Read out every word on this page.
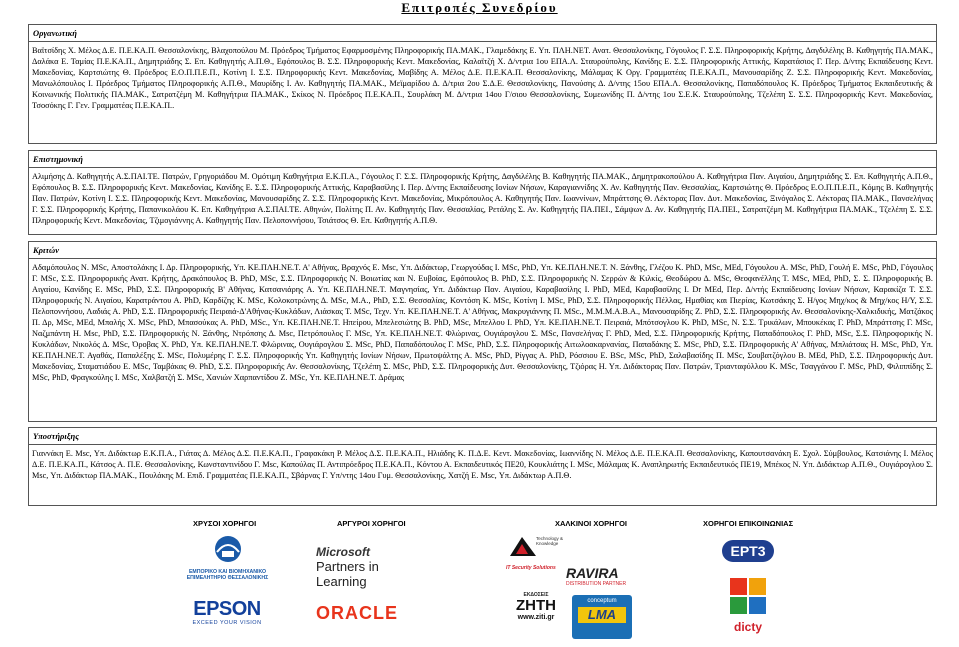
Επιτροπές Συνεδρίου
Οργανωτική
Βαϊτσίδης Χ. Μέλος Δ.Ε. Π.Ε.ΚΑ.Π. Θεσσαλονίκης, Βλαχοπούλου Μ. Πρόεδρος Τμήματος Εφαρμοσμένης Πληροφορικής ΠΑ.ΜΑΚ., Γλαμεδάκης Ε. Υπ. ΠΛΗ.ΝΕΤ. Ανατ. Θεσσαλονίκης, Γόγουλος Γ. Σ.Σ. Πληροφορικής Κρήτης, Δαγδιλέλης Β. Καθηγητής ΠΑ.ΜΑΚ., Δαλάκα Ε. Ταμίας Π.Ε.ΚΑ.Π., Δημητριάδης Σ. Επ. Καθηγητής Α.Π.Θ., Εφόπουλος Β. Σ.Σ. Πληροφορικής Κεντ. Μακεδονίας, Καλαϊτζή Χ. Δ/ντρια 1ου ΕΠΑ.Λ. Σταυρούπολης, Κανίδης Ε. Σ.Σ. Πληροφορικής Αττικής, Καρατάσιος Γ. Περ. Δ/ντης Εκπαίδευσης Κεντ. Μακεδονίας, Καρτσιώτης Θ. Πρόεδρος Ε.Ο.Π.Π.Ε.Π., Κοτίνη Ι. Σ.Σ. Πληροφορικής Κεντ. Μακεδονίας, Μαβίδης Α. Μέλος Δ.Ε. Π.Ε.ΚΑ.Π. Θεσσαλονίκης, Μάλαμας Κ Οργ. Γραμματέας Π.Ε.ΚΑ.Π., Μανουσαρίδης Ζ. Σ.Σ. Πληροφορικής Κεντ. Μακεδονίας, Μανωλόπουλος Ι. Πρόεδρος Τμήματος Πληροφορικής Α.Π.Θ., Μαυρίδης Ι. Αν. Καθηγητής ΠΑ.ΜΑΚ., Μεϊμαρίδου Δ. Δ/τρια 2ου Σ.Δ.Ε. Θεσσαλονίκης, Πανούσης Δ. Δ/ντης 15ου ΕΠΑ.Λ. Θεσσαλονίκης, Παπαδόπουλος Κ. Πρόεδρος Τμήματος Εκπαιδευτικής & Κοινωνικής Πολιτικής ΠΑ.ΜΑΚ., Σατρατζέμη Μ. Καθηγήτρια ΠΑ.ΜΑΚ., Σκίκος Ν. Πρόεδρος Π.Ε.ΚΑ.Π., Σουρλάκη Μ. Δ/ντρια 14ου Γ/σιου Θεσσαλονίκης, Συμεωνίδης Π. Δ/ντης 1ου Σ.Ε.Κ. Σταυρούπολης, Τζελέπη Σ. Σ.Σ. Πληροφορικής Κεντ. Μακεδονίας, Τσοσόκης Γ. Γεν. Γραμματέας Π.Ε.ΚΑ.Π..
Επιστημονική
Αλιμήσης Δ. Καθηγητής Α.Σ.ΠΑΙ.ΤΕ. Πατρών, Γρηγοριάδου Μ. Ομότιμη Καθηγήτρια Ε.Κ.Π.Α., Γόγουλος Γ. Σ.Σ. Πληροφορικής Κρήτης, Δαγδιλέλης Β. Καθηγητής ΠΑ.ΜΑΚ., Δημητρακοπούλου Α. Καθηγήτρια Παν. Αιγαίου, Δημητριάδης Σ. Επ. Καθηγητής Α.Π.Θ., Εφόπουλος Β. Σ.Σ. Πληροφορικής Κεντ. Μακεδονίας, Κανίδης Ε. Σ.Σ. Πληροφορικής Αττικής, Καραβασίλης Ι. Περ. Δ/ντης Εκπαίδευσης Ιονίων Νήσων, Καραγιαννίδης Χ. Αν. Καθηγητής Παν. Θεσσαλίας, Καρτσιώτης Θ. Πρόεδρος Ε.Ο.Π.Π.Ε.Π., Κόμης Β. Καθηγητής Παν. Πατρών, Κοτίνη Ι. Σ.Σ. Πληροφορικής Κεντ. Μακεδονίας, Μανουσαρίδης Ζ. Σ.Σ. Πληροφορικής Κεντ. Μακεδονίας, Μικρόπουλος Α. Καθηγητής Παν. Ιωαννίνων, Μπράττσης Θ. Λέκτορας Παν. Δυτ. Μακεδονίας, Ξινόγαλος Σ. Λέκτορας ΠΑ.ΜΑΚ., Πανσελήνας Γ. Σ.Σ. Πληροφορικής Κρήτης, Παπανικολάου Κ. Επ. Καθηγήτρια Α.Σ.ΠΑΙ.ΤΕ. Αθηνών, Πολίτης Π. Αν. Καθηγητής Παν. Θεσσαλίας, Ρετάλης Σ. Αν. Καθηγητής ΠΑ.ΠΕΙ., Σάμψων Δ. Αν. Καθηγητής ΠΑ.ΠΕΙ., Σατρατζέμη Μ. Καθηγήτρια ΠΑ.ΜΑΚ., Τζελέπη Σ. Σ.Σ. Πληροφορικής Κεντ. Μακεδονίας, Τζιμογιάννης Α. Καθηγητής Παν. Πελοποννήσου, Τσιάτσος Θ. Επ. Καθηγητής Α.Π.Θ.
Κριτών
Αδαμόπουλος Ν. MSc, Αποστολάκης Ι. Δρ. Πληροφορικής, Υπ. ΚΕ.ΠΛΗ.ΝΕ.Τ. Α' Αθήνας, Βραχνός Ε. Msc, Υπ. Διδάκτωρ, Γεωργούδας Ι. MSc, PhD, Υπ. ΚΕ.ΠΛΗ.ΝΕ.Τ. Ν. Ξάνθης, Γλέζου Κ. PhD, MSc, MEd, Γόγουλου Α. MSc, PhD, Γουλή Ε. MSc, PhD, Γόγουλος Γ. MSc, Σ.Σ. Πληροφορικής Ανατ. Κρήτης, Δρακόπουλος Β. PhD, MSc, Σ.Σ. Πληροφορικής Ν. Βοιωτίας και Ν. Ευβοίας, Εφόπουλος Β. PhD, Σ.Σ. Πληροφορικής Ν. Σερρών & Κιλκίς, Θεοδώρου Δ. MSc, Θεοφανέλλης Τ. MSc, MEd, PhD, Σ. Σ. Πληροφορικής Β. Αιγαίου, Κανίδης Ε. MSc, PhD, Σ.Σ. Πληροφορικής Β' Αθήνας, Κατσανιάρης Α. Υπ. ΚΕ.ΠΛΗ.ΝΕ.Τ. Μαγνησίας, Υπ. Διδάκτωρ Παν. Αιγαίου, Καραβασίλης Ι. PhD, MEd, Καραβασίλης Ι. Dr MEd, Περ. Δ/ντής Εκπαίδευσης Ιονίων Νήσων, Καρακίζα Τ. Σ.Σ. Πληροφορικής Ν. Αιγαίου, Καρατράντου Α. PhD, Καρδίζης Κ. MSc, Κολοκοτρώνης Δ. MSc, M.A., PhD, Σ.Σ. Θεσσαλίας, Κοντόση Κ. MSc, Κοτίνη Ι. MSc, PhD, Σ.Σ. Πληροφορικής Πέλλας, Ημαθίας και Πιερίας, Κωτσάκης Σ. Η/γος Μηχ/κος & Μηχ/κος Η/Υ, Σ.Σ. Πελοποννήσου, Λαδιάς Α. PhD, Σ.Σ. Πληροφορικής Πειραιά-Δ'Αθήνας-Κυκλάδων, Λιάσκας Τ. MSc, Τεχν. Υπ. ΚΕ.ΠΛΗ.ΝΕ.Τ. Α' Αθήνας, Μακρυγιάννης Π. MSc., Μ.Μ.Μ.Α.Β.Α., Μανουσαρίδης Ζ. PhD, Σ.Σ. Πληροφορικής Αν. Θεσσαλονίκης-Χαλκιδικής, Ματζάκος Π. Δρ, MSc, MEd, Μπαλής Χ. MSc, PhD, Μπασούκας Α. PhD, MSc., Υπ. ΚΕ.ΠΛΗ.ΝΕ.Τ. Ηπείρου, Μπελεσιώτης Β. PhD, MSc, Μπελλου Ι. PhD, Υπ. ΚΕ.ΠΛΗ.ΝΕ.Τ. Πειραιά, Μπότσογλου Κ. PhD, MSc, Ν. Σ.Σ. Τρικάλων, Μπουκέκας Γ. PhD, Μπράττσης Γ. MSc, Ναζμπάντη Η. Msc, PhD, Σ.Σ. Πληροφορικής Ν. Ξάνθης, Ντρόπσης Δ. Msc, Πετρόπουλος Γ. MSc, Υπ. ΚΕ.ΠΛΗ.ΝΕ.Τ. Φλώρινας, Ουγιάρογλου Σ. MSc, Πανσελήνας Γ. PhD, Med, Σ.Σ. Πληροφορικής Κρήτης, Παπαδόπουλος Γ. PhD, MSc, Σ.Σ. Πληροφορικής Ν. Κυκλάδων, Νικολός Δ. MSc, Όροβας Χ. PhD, Υπ. ΚΕ.ΠΛΗ.ΝΕ.Τ. Φλώρινας, Ουγιάρογλου Σ. MSc, PhD, Παπαδόπουλος Γ. MSc, PhD, Σ.Σ. Πληροφορικής Αιτωλοακαρνανίας, Παπαδάκης Σ. MSc, PhD, Σ.Σ. Πληροφορικής Α' Αθήνας, Μπλιάτσας Η. MSc, PhD, Υπ. ΚΕ.ΠΛΗ.ΝΕ.Τ. Αγαθάς, Παπαλέξης Σ. MSc, Πολυμέρης Γ. Σ.Σ. Πληροφορικής Υπ. Καθηγητής Ιονίων Νήσων, Πρωτοψάλτης Α. MSc, PhD, Ρίγγας Α. PhD, Ρόσσιου Ε. BSc, MSc, PhD, Σαλαβασίδης Π. MSc, Σουβατζόγλου Β. MEd, PhD, Σ.Σ. Πληροφορικής Δυτ. Μακεδονίας, Σταματιάδου Ε. MSc, Ταμβάκας Θ. PhD, Σ.Σ. Πληροφορικής Αν. Θεσσαλονίκης, Τζελέπη Σ. MSc, PhD, Σ.Σ. Πληροφορικής Δυτ. Θεσσαλονίκης, Τζιόρας Η. Υπ. Διδάκτορας Παν. Πατρών, Τριανταφύλλου Κ. MSc, Τσαγγάνου Γ. MSc, PhD, Φιλιππίδης Σ. MSc, PhD, Φραγκούλης Ι. MSc, Χαλβατζή Σ. MSc, Χανιών Χαρπαντίδου Ζ. MSc, Υπ. ΚΕ.ΠΛΗ.ΝΕ.Τ. Δράμας
Υποστήριξης
Γιαννάκη Ε. Msc, Υπ. Διδάκτωρ Ε.Κ.Π.Α., Γιάτας Δ. Μέλος Δ.Σ. Π.Ε.ΚΑ.Π., Γραφακάκη Ρ. Μέλος Δ.Σ. Π.Ε.ΚΑ.Π., Ηλιάδης Κ. Π.Δ.Ε. Κεντ. Μακεδονίας, Ιωαννίδης Ν. Μέλος Δ.Ε. Π.Ε.ΚΑ.Π. Θεσσαλονίκης, Καπουτσανάκη Ε. Σχολ. Σύμβουλος, Κατσιάνης Ι. Μέλος Δ.Ε. Π.Ε.ΚΑ.Π., Κάτσος Α. Π.Ε. Θεσσαλονίκης, Κωνσταντινίδου Γ. Msc, Καπούλας Π. Αντιπρόεδρος Π.Ε.ΚΑ.Π., Κόντου Α. Εκπαιδευτικός ΠΕ20, Κουκλιάτης Ι. MSc, Μάλαμας Κ. Αναπληρωτής Εκπαιδευτικός ΠΕ19, Μπέκος Ν. Υπ. Διδάκτωρ Α.Π.Θ., Ουγιάρογλου Σ. Msc, Υπ. Διδάκτωρ ΠΑ.ΜΑΚ., Πουλάκης Μ. Επιδ. Γραμματέας Π.Ε.ΚΑ.Π., Σβάρνας Γ. Υπ/ντης 14ου Γυμ. Θεσσαλονίκης, Χατζή Ε. Msc, Υπ. Διδάκτωρ Α.Π.Θ.
ΧΡΥΣΟΙ ΧΟΡΗΓΟΙ
ΕΜΠΟΡΙΚΟ ΚΑΙ ΒΙΟΜΗΧΑΝΙΚΟ
ΕΠΙΜΕΛΗΤΗΡΙΟ ΘΕΣΣΑΛΟΝΙΚΗΣ
EPSON
EXCEED YOUR VISION
ΑΡΓΥΡΟΙ ΧΟΡΗΓΟΙ
Microsoft
Partners in Learning
ORACLE
ΧΑΛΚΙΝΟΙ ΧΟΡΗΓΟΙ
Technology & Knowledge
IT Security Solutions RAVIRA
DISTRIBUTION PARTNER
ΕΚΔΟΣΕΙΣ
ΖΗΤΗ
www.ziti.gr
conceptum
LMA
ΧΟΡΗΓΟΙ ΕΠΙΚΟΙΝΩΝΙΑΣ
ΕΡΤ3
dicty
